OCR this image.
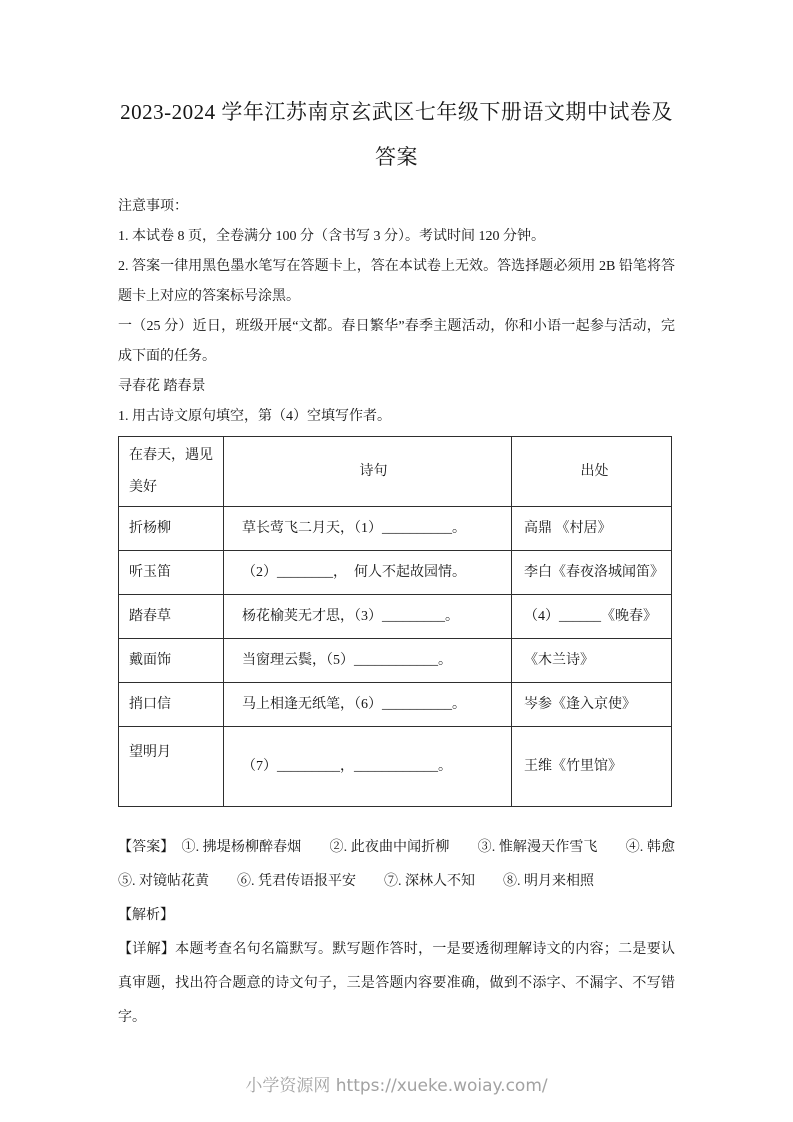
2023-2024 学年江苏南京玄武区七年级下册语文期中试卷及答案

注意事项：

1. 本试卷 8 页，全卷满分 100 分（含书写 3 分）。考试时间 120 分钟。

2. 答案一律用黑色墨水笔写在答题卡上，答在本试卷上无效。答选择题必须用 2B 铅笔将答题卡上对应的答案标号涂黑。

一（25 分）近日，班级开展“文都。春日繁华”春季主题活动，你和小语一起参与活动，完成下面的任务。

寻春花 踏春景

1. 用古诗文原句填空，第（4）空填写作者。

在春天，遇见美好	诗句	出处
折杨柳	草长莺飞二月天，（1）__________。	高鼎 《村居》
听玉笛	（2）________，  何人不起故园情。	李白《春夜洛城闻笛》
踏春草	杨花榆荚无才思，（3）_________。	（4）______《晚春》
戴面饰	当窗理云鬓，（5）____________。	《木兰诗》
捎口信	马上相逢无纸笔，（6）__________。	岑参《逢入京使》
望明月	（7）_________，____________。	王维《竹里馆》

【答案】　①. 拂堤杨柳醉春烟　　②. 此夜曲中闻折柳　　③. 惟解漫天作雪飞　　④. 韩愈　　⑤. 对镜帖花黄　　⑥. 凭君传语报平安　　⑦. 深林人不知　　⑧. 明月来相照

【解析】

【详解】本题考查名句名篇默写。默写题作答时，一是要透彻理解诗文的内容；二是要认真审题，找出符合题意的诗文句子，三是答题内容要准确，做到不添字、不漏字、不写错字。

小学资源网 https://xueke.woiay.com/
